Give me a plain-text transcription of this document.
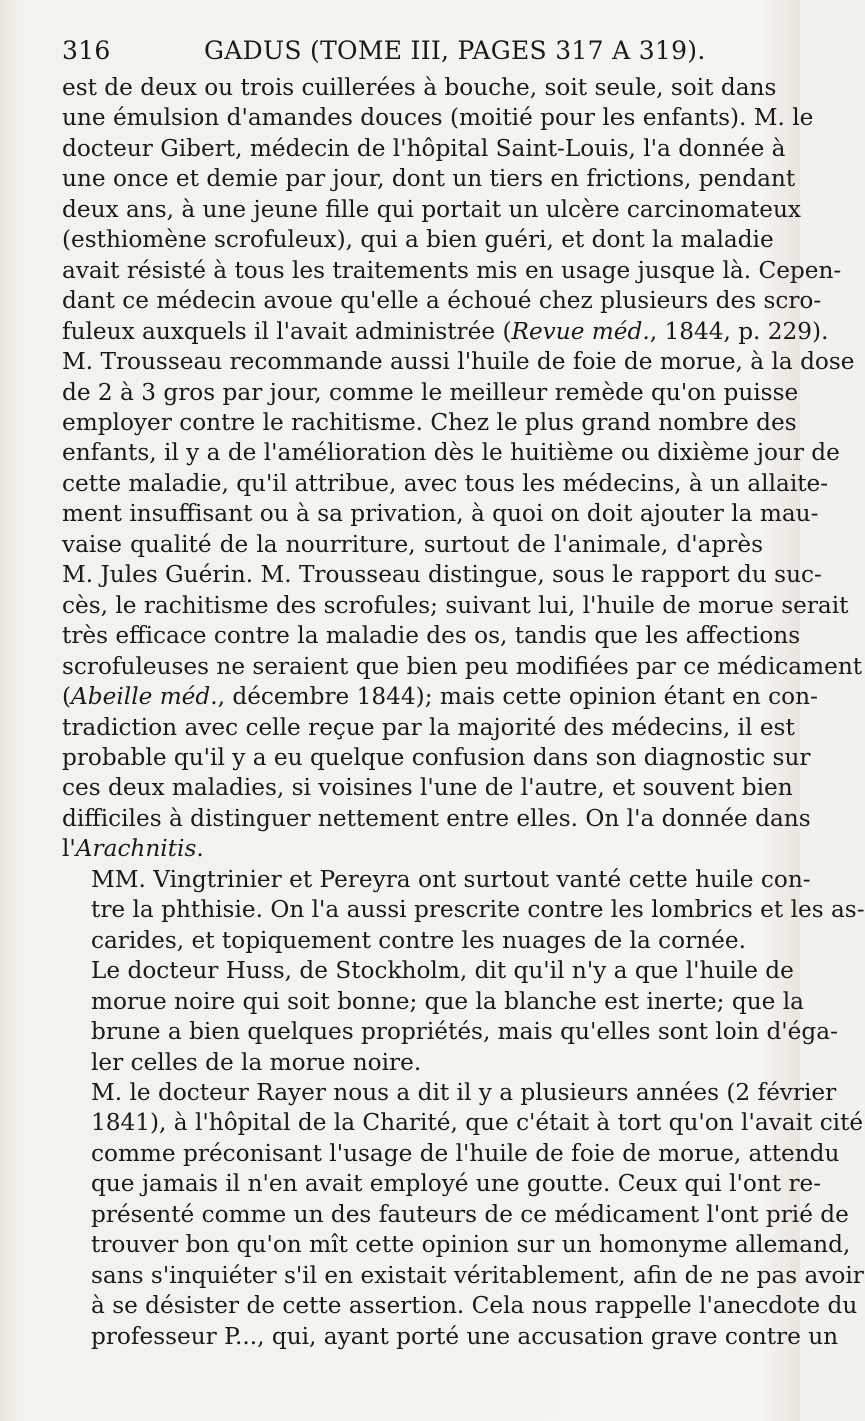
316	GADUS (TOME III, PAGES 317 A 319).

est de deux ou trois cuillerées à bouche, soit seule, soit dans
une émulsion d'amandes douces (moitié pour les enfants). M. le
docteur Gibert, médecin de l'hôpital Saint-Louis, l'a donnée à
une once et demie par jour, dont un tiers en frictions, pendant
deux ans, à une jeune fille qui portait un ulcère carcinomateux
(esthiomène scrofuleux), qui a bien guéri, et dont la maladie
avait résisté à tous les traitements mis en usage jusque là. Cepen-
dant ce médecin avoue qu'elle a échoué chez plusieurs des scro-
fuleux auxquels il l'avait administrée (Revue méd., 1844, p. 229).
M. Trousseau recommande aussi l'huile de foie de morue, à la dose
de 2 à 3 gros par jour, comme le meilleur remède qu'on puisse
employer contre le rachitisme. Chez le plus grand nombre des
enfants, il y a de l'amélioration dès le huitième ou dixième jour de
cette maladie, qu'il attribue, avec tous les médecins, à un allaite-
ment insuffisant ou à sa privation, à quoi on doit ajouter la mau-
vaise qualité de la nourriture, surtout de l'animale, d'après
M. Jules Guérin. M. Trousseau distingue, sous le rapport du suc-
cès, le rachitisme des scrofules; suivant lui, l'huile de morue serait
très efficace contre la maladie des os, tandis que les affections
scrofuleuses ne seraient que bien peu modifiées par ce médicament
(Abeille méd., décembre 1844); mais cette opinion étant en con-
tradiction avec celle reçue par la majorité des médecins, il est
probable qu'il y a eu quelque confusion dans son diagnostic sur
ces deux maladies, si voisines l'une de l'autre, et souvent bien
difficiles à distinguer nettement entre elles. On l'a donnée dans
l'Arachnitis.

MM. Vingtrinier et Pereyra ont surtout vanté cette huile con-
tre la phthisie. On l'a aussi prescrite contre les lombrics et les as-
carides, et topiquement contre les nuages de la cornée.

Le docteur Huss, de Stockholm, dit qu'il n'y a que l'huile de
morue noire qui soit bonne; que la blanche est inerte; que la
brune a bien quelques propriétés, mais qu'elles sont loin d'éga-
ler celles de la morue noire.

M. le docteur Rayer nous a dit il y a plusieurs années (2 février
1841), à l'hôpital de la Charité, que c'était à tort qu'on l'avait cité
comme préconisant l'usage de l'huile de foie de morue, attendu
que jamais il n'en avait employé une goutte. Ceux qui l'ont re-
présenté comme un des fauteurs de ce médicament l'ont prié de
trouver bon qu'on mît cette opinion sur un homonyme allemand,
sans s'inquiéter s'il en existait véritablement, afin de ne pas avoir
à se désister de cette assertion. Cela nous rappelle l'anecdote du
professeur P..., qui, ayant porté une accusation grave contre un
